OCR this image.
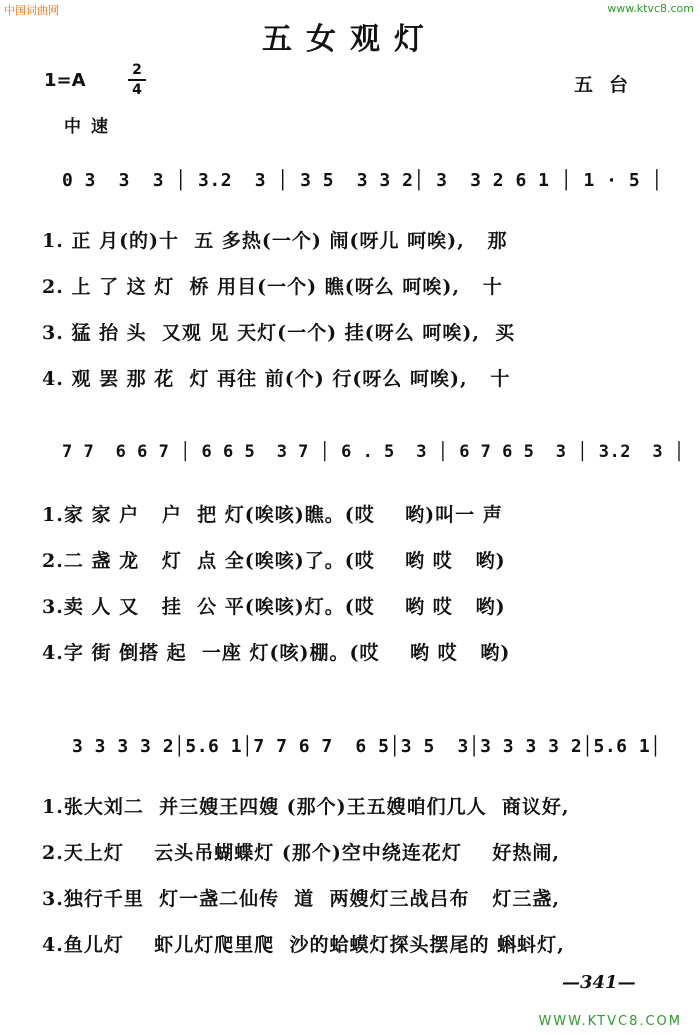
中国词曲网	www.ktvc8.com
五女观灯
1=A	2
4	五台
中速
0 3  3  3 │ 3.2  3 │ 3 5  3 3 2│ 3  3 2 6 1 │ 1 · 5 │
1. 正 月(的)十  五 多热(一个) 闹(呀儿 呵唉),   那
2. 上 了 这 灯  桥 用目(一个) 瞧(呀么 呵唉),   十
3. 猛 抬 头  又观 见 天灯(一个) 挂(呀么 呵唉),  买
4. 观 罢 那 花  灯 再往 前(个) 行(呀么 呵唉),   十
7 7  6 6 7 │ 6 6 5  3 7 │ 6 . 5  3 │ 6 7 6 5  3 │ 3.2  3 │
1.家 家 户   户  把 灯(唉咳)瞧。(哎    哟)叫一 声
2.二 盏 龙   灯  点 全(唉咳)了。(哎    哟 哎   哟)
3.卖 人 又   挂  公 平(唉咳)灯。(哎    哟 哎   哟)
4.字 街 倒搭 起  一座 灯(咳)棚。(哎    哟 哎   哟)
3 3 3 3 2│5.6 1│7 7 6 7  6 5│3 5  3│3 3 3 3 2│5.6 1│
1.张大刘二  并三嫂王四嫂 (那个)王五嫂咱们几人  商议好,
2.天上灯    云头吊蝴蝶灯 (那个)空中绕连花灯    好热闹,
3.独行千里  灯一盏二仙传  道  两嫂灯三战吕布   灯三盏,
4.鱼儿灯    虾儿灯爬里爬  沙的蛤蟆灯探头摆尾的 蝌蚪灯,
—341—
WWW.KTVC8.COM
